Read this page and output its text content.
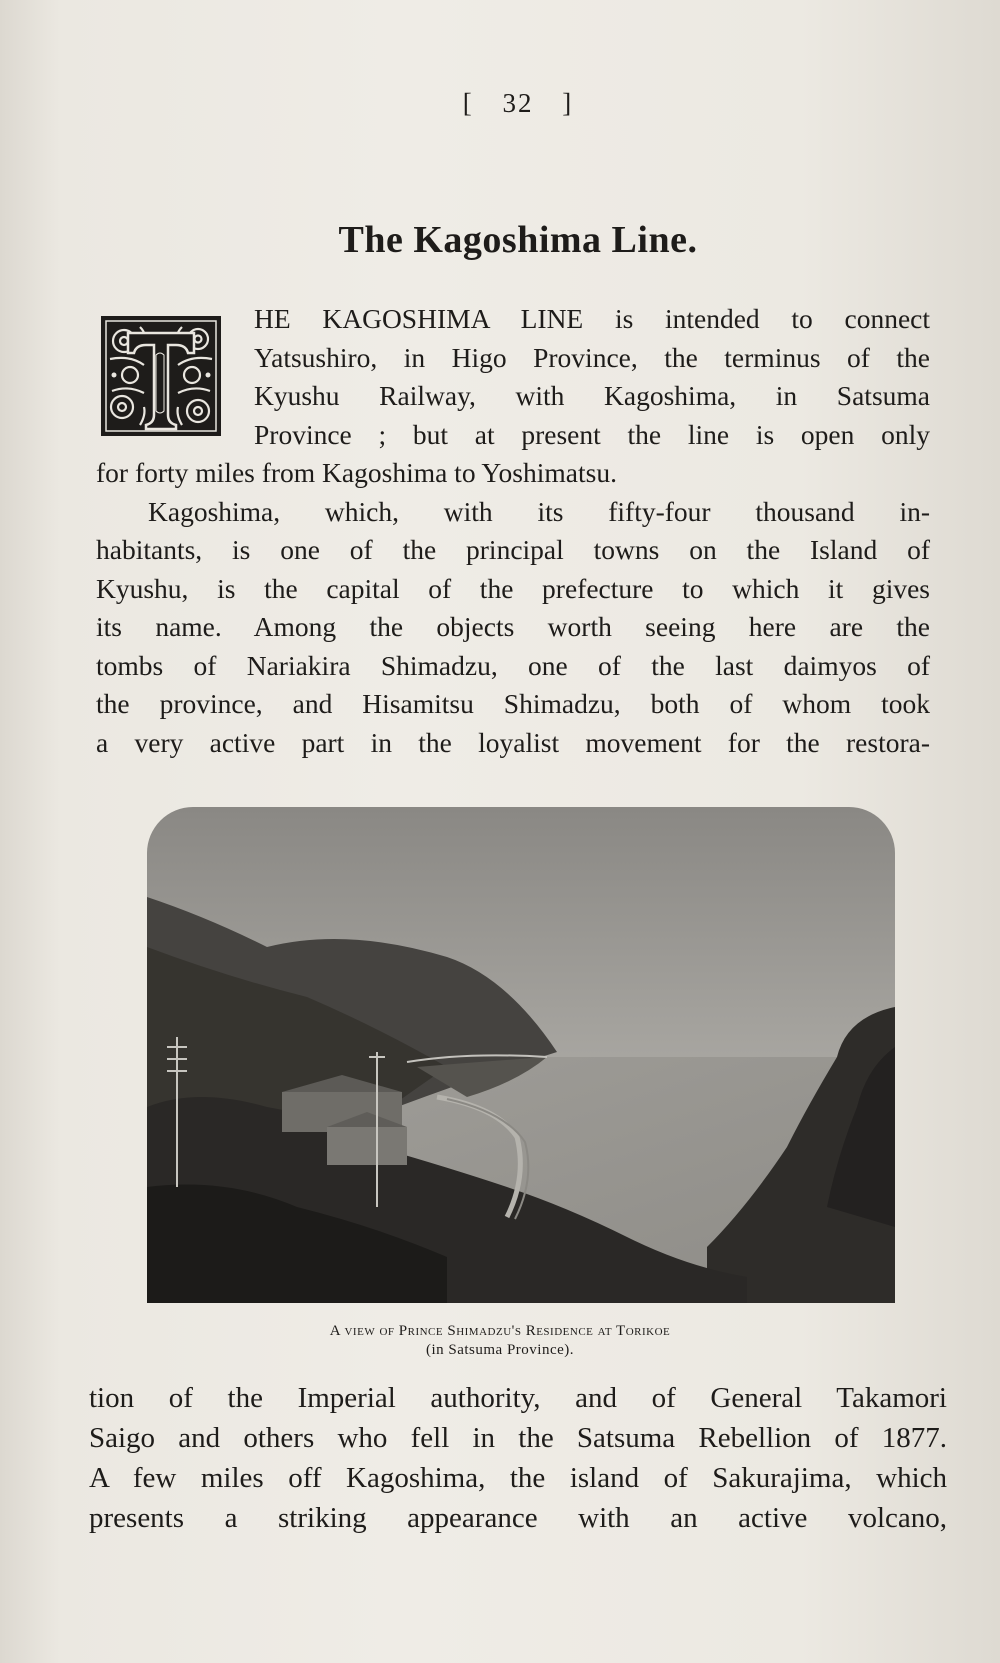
[ 32 ]
The Kagoshima Line.
HE KAGOSHIMA LINE is intended to connect
Yatsushiro, in Higo Province, the terminus of the
Kyushu Railway, with Kagoshima, in Satsuma
Province ; but at present the line is open only
for forty miles from Kagoshima to Yoshimatsu.
Kagoshima, which, with its fifty-four thousand in-
habitants, is one of the principal towns on the Island of
Kyushu, is the capital of the prefecture to which it gives
its name. Among the objects worth seeing here are the
tombs of Nariakira Shimadzu, one of the last daimyos of
the province, and Hisamitsu Shimadzu, both of whom took
a very active part in the loyalist movement for the restora-
A view of Prince Shimadzu's Residence at Torikoe
(in Satsuma Province).
tion of the Imperial authority, and of General Takamori
Saigo and others who fell in the Satsuma Rebellion of 1877.
A few miles off Kagoshima, the island of Sakurajima, which
presents a striking appearance with an active volcano,
